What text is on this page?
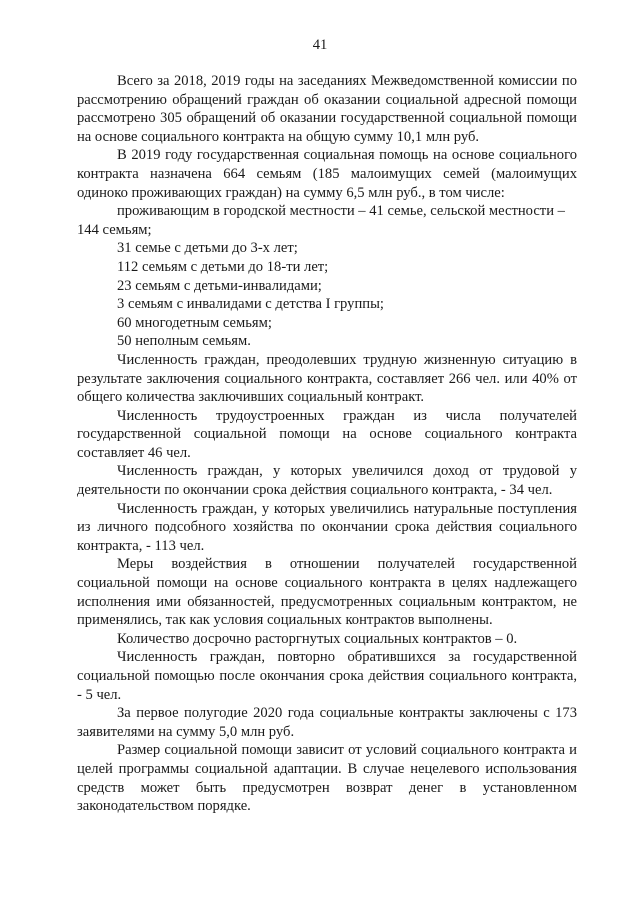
41

Всего за 2018, 2019 годы на заседаниях Межведомственной комиссии по рассмотрению обращений граждан об оказании социальной адресной помощи рассмотрено 305 обращений об оказании государственной социальной помощи на основе социального контракта на общую сумму 10,1 млн руб.

В 2019 году государственная социальная помощь на основе социального контракта назначена 664 семьям (185 малоимущих семей (малоимущих одиноко проживающих граждан) на сумму 6,5 млн руб., в том числе:

проживающим в городской местности – 41 семье, сельской местности – 144 семьям;

31 семье с детьми до 3-х лет;

112 семьям с детьми до 18-ти лет;

23 семьям с детьми-инвалидами;

3 семьям с инвалидами с детства I группы;

60 многодетным семьям;

50 неполным семьям.

Численность граждан, преодолевших трудную жизненную ситуацию в результате заключения социального контракта, составляет 266 чел. или 40% от общего количества заключивших социальный контракт.

Численность трудоустроенных граждан из числа получателей государственной социальной помощи на основе социального контракта составляет 46 чел.

Численность граждан, у которых увеличился доход от трудовой у деятельности по окончании срока действия социального контракта, - 34 чел.

Численность граждан, у которых увеличились натуральные поступления из личного подсобного хозяйства по окончании срока действия социального контракта, - 113 чел.

Меры воздействия в отношении получателей государственной социальной помощи на основе социального контракта в целях надлежащего исполнения ими обязанностей, предусмотренных социальным контрактом, не применялись, так как условия социальных контрактов выполнены.

Количество досрочно расторгнутых социальных контрактов – 0.

Численность граждан, повторно обратившихся за государственной социальной помощью после окончания срока действия социального контракта, - 5 чел.

За первое полугодие 2020 года социальные контракты заключены с 173 заявителями на сумму 5,0 млн руб.

Размер социальной помощи зависит от условий социального контракта и целей программы социальной адаптации. В случае нецелевого использования средств может быть предусмотрен возврат денег в установленном законодательством порядке.
